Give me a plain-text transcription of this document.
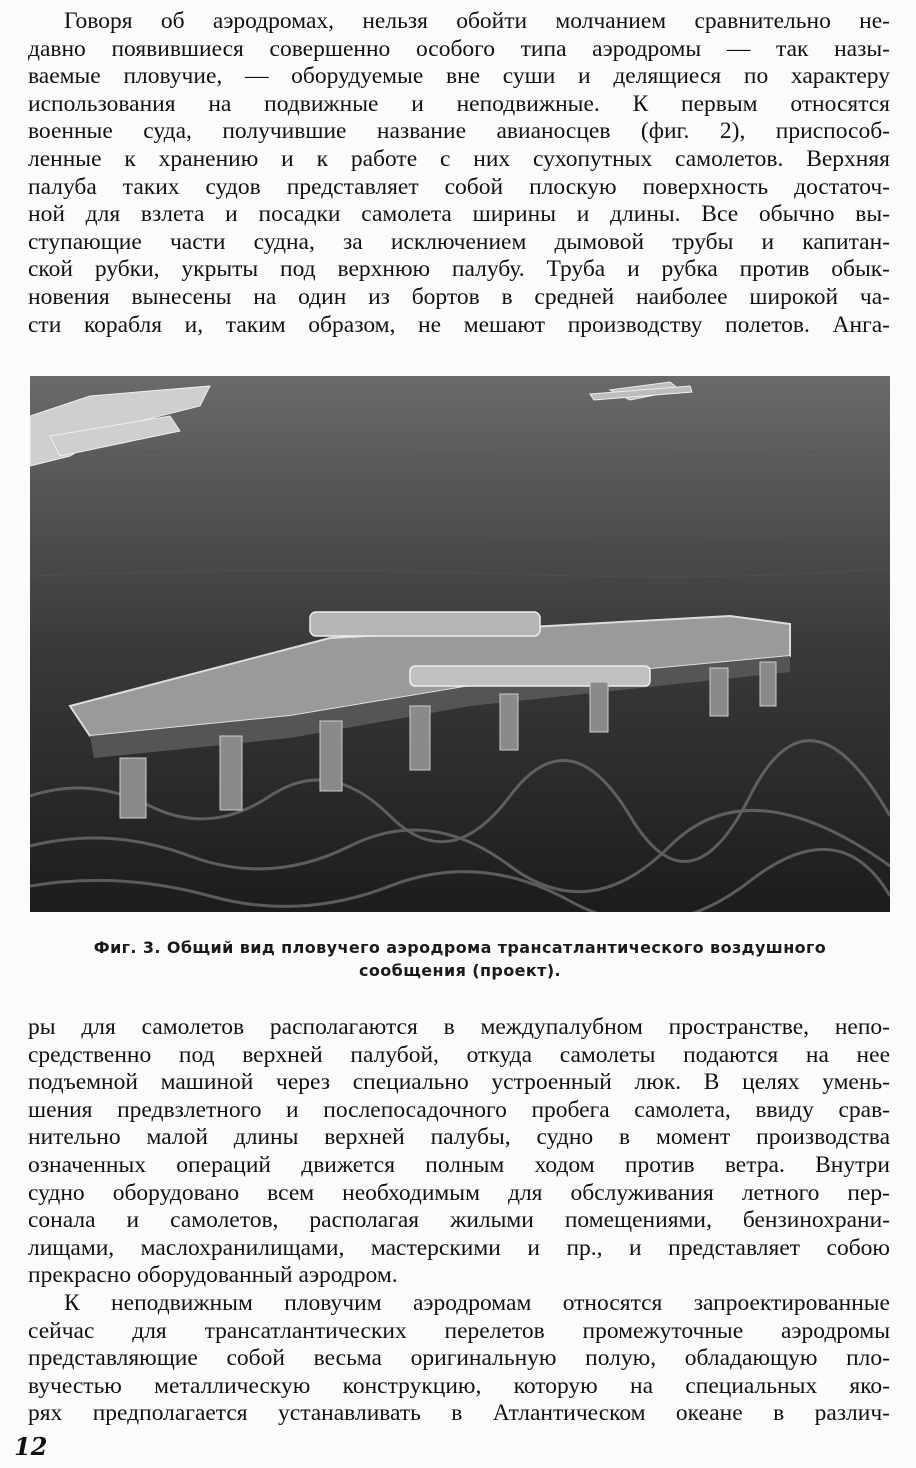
Говоря об аэродромах, нельзя обойти молчанием сравнительно не-
давно появившиеся совершенно особого типа аэродромы — так назы-
ваемые пловучие, — оборудуемые вне суши и делящиеся по характеру
использования на подвижные и неподвижные. К первым относятся
военные суда, получившие название авианосцев (фиг. 2), приспособ-
ленные к хранению и к работе с них сухопутных самолетов. Верхняя
палуба таких судов представляет собой плоскую поверхность достаточ-
ной для взлета и посадки самолета ширины и длины. Все обычно вы-
ступающие части судна, за исключением дымовой трубы и капитан-
ской рубки, укрыты под верхнюю палубу. Труба и рубка против обык-
новения вынесены на один из бортов в средней наиболее широкой ча-
сти корабля и, таким образом, не мешают производству полетов. Анга-
Фиг. 3. Общий вид пловучего аэродрома трансатлантического воздушного
сообщения (проект).
ры для самолетов располагаются в междупалубном пространстве, непо-
средственно под верхней палубой, откуда самолеты подаются на нее
подъемной машиной через специально устроенный люк. В целях умень-
шения предвзлетного и послепосадочного пробега самолета, ввиду срав-
нительно малой длины верхней палубы, судно в момент производства
означенных операций движется полным ходом против ветра. Внутри
судно оборудовано всем необходимым для обслуживания летного пер-
сонала и самолетов, располагая жилыми помещениями, бензинохрани-
лищами, маслохранилищами, мастерскими и пр., и представляет собою
прекрасно оборудованный аэродром.
К неподвижным пловучим аэродромам относятся запроектированные
сейчас для трансатлантических перелетов промежуточные аэродромы
представляющие собой весьма оригинальную полую, обладающую пло-
вучестью металлическую конструкцию, которую на специальных яко-
рях предполагается устанавливать в Атлантическом океане в различ-
12
